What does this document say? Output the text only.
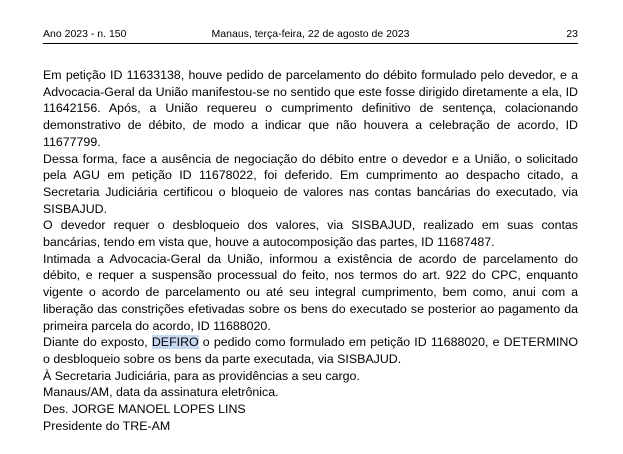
Ano 2023 - n. 150	Manaus, terça-feira, 22 de agosto de 2023	23

Em petição ID 11633138, houve pedido de parcelamento do débito formulado pelo devedor, e a Advocacia-Geral da União manifestou-se no sentido que este fosse dirigido diretamente a ela, ID 11642156. Após, a União requereu o cumprimento definitivo de sentença, colacionando demonstrativo de débito, de modo a indicar que não houvera a celebração de acordo, ID 11677799.

Dessa forma, face a ausência de negociação do débito entre o devedor e a União, o solicitado pela AGU em petição ID 11678022, foi deferido. Em cumprimento ao despacho citado, a Secretaria Judiciária certificou o bloqueio de valores nas contas bancárias do executado, via SISBAJUD.

O devedor requer o desbloqueio dos valores, via SISBAJUD, realizado em suas contas bancárias, tendo em vista que, houve a autocomposição das partes, ID 11687487.

Intimada a Advocacia-Geral da União, informou a existência de acordo de parcelamento do débito, e requer a suspensão processual do feito, nos termos do art. 922 do CPC, enquanto vigente o acordo de parcelamento ou até seu integral cumprimento, bem como, anui com a liberação das constrições efetivadas sobre os bens do executado se posterior ao pagamento da primeira parcela do acordo, ID 11688020.

Diante do exposto, DEFIRO o pedido como formulado em petição ID 11688020, e DETERMINO o desbloqueio sobre os bens da parte executada, via SISBAJUD.

À Secretaria Judiciária, para as providências a seu cargo.

Manaus/AM, data da assinatura eletrônica.

Des. JORGE MANOEL LOPES LINS

Presidente do TRE-AM
